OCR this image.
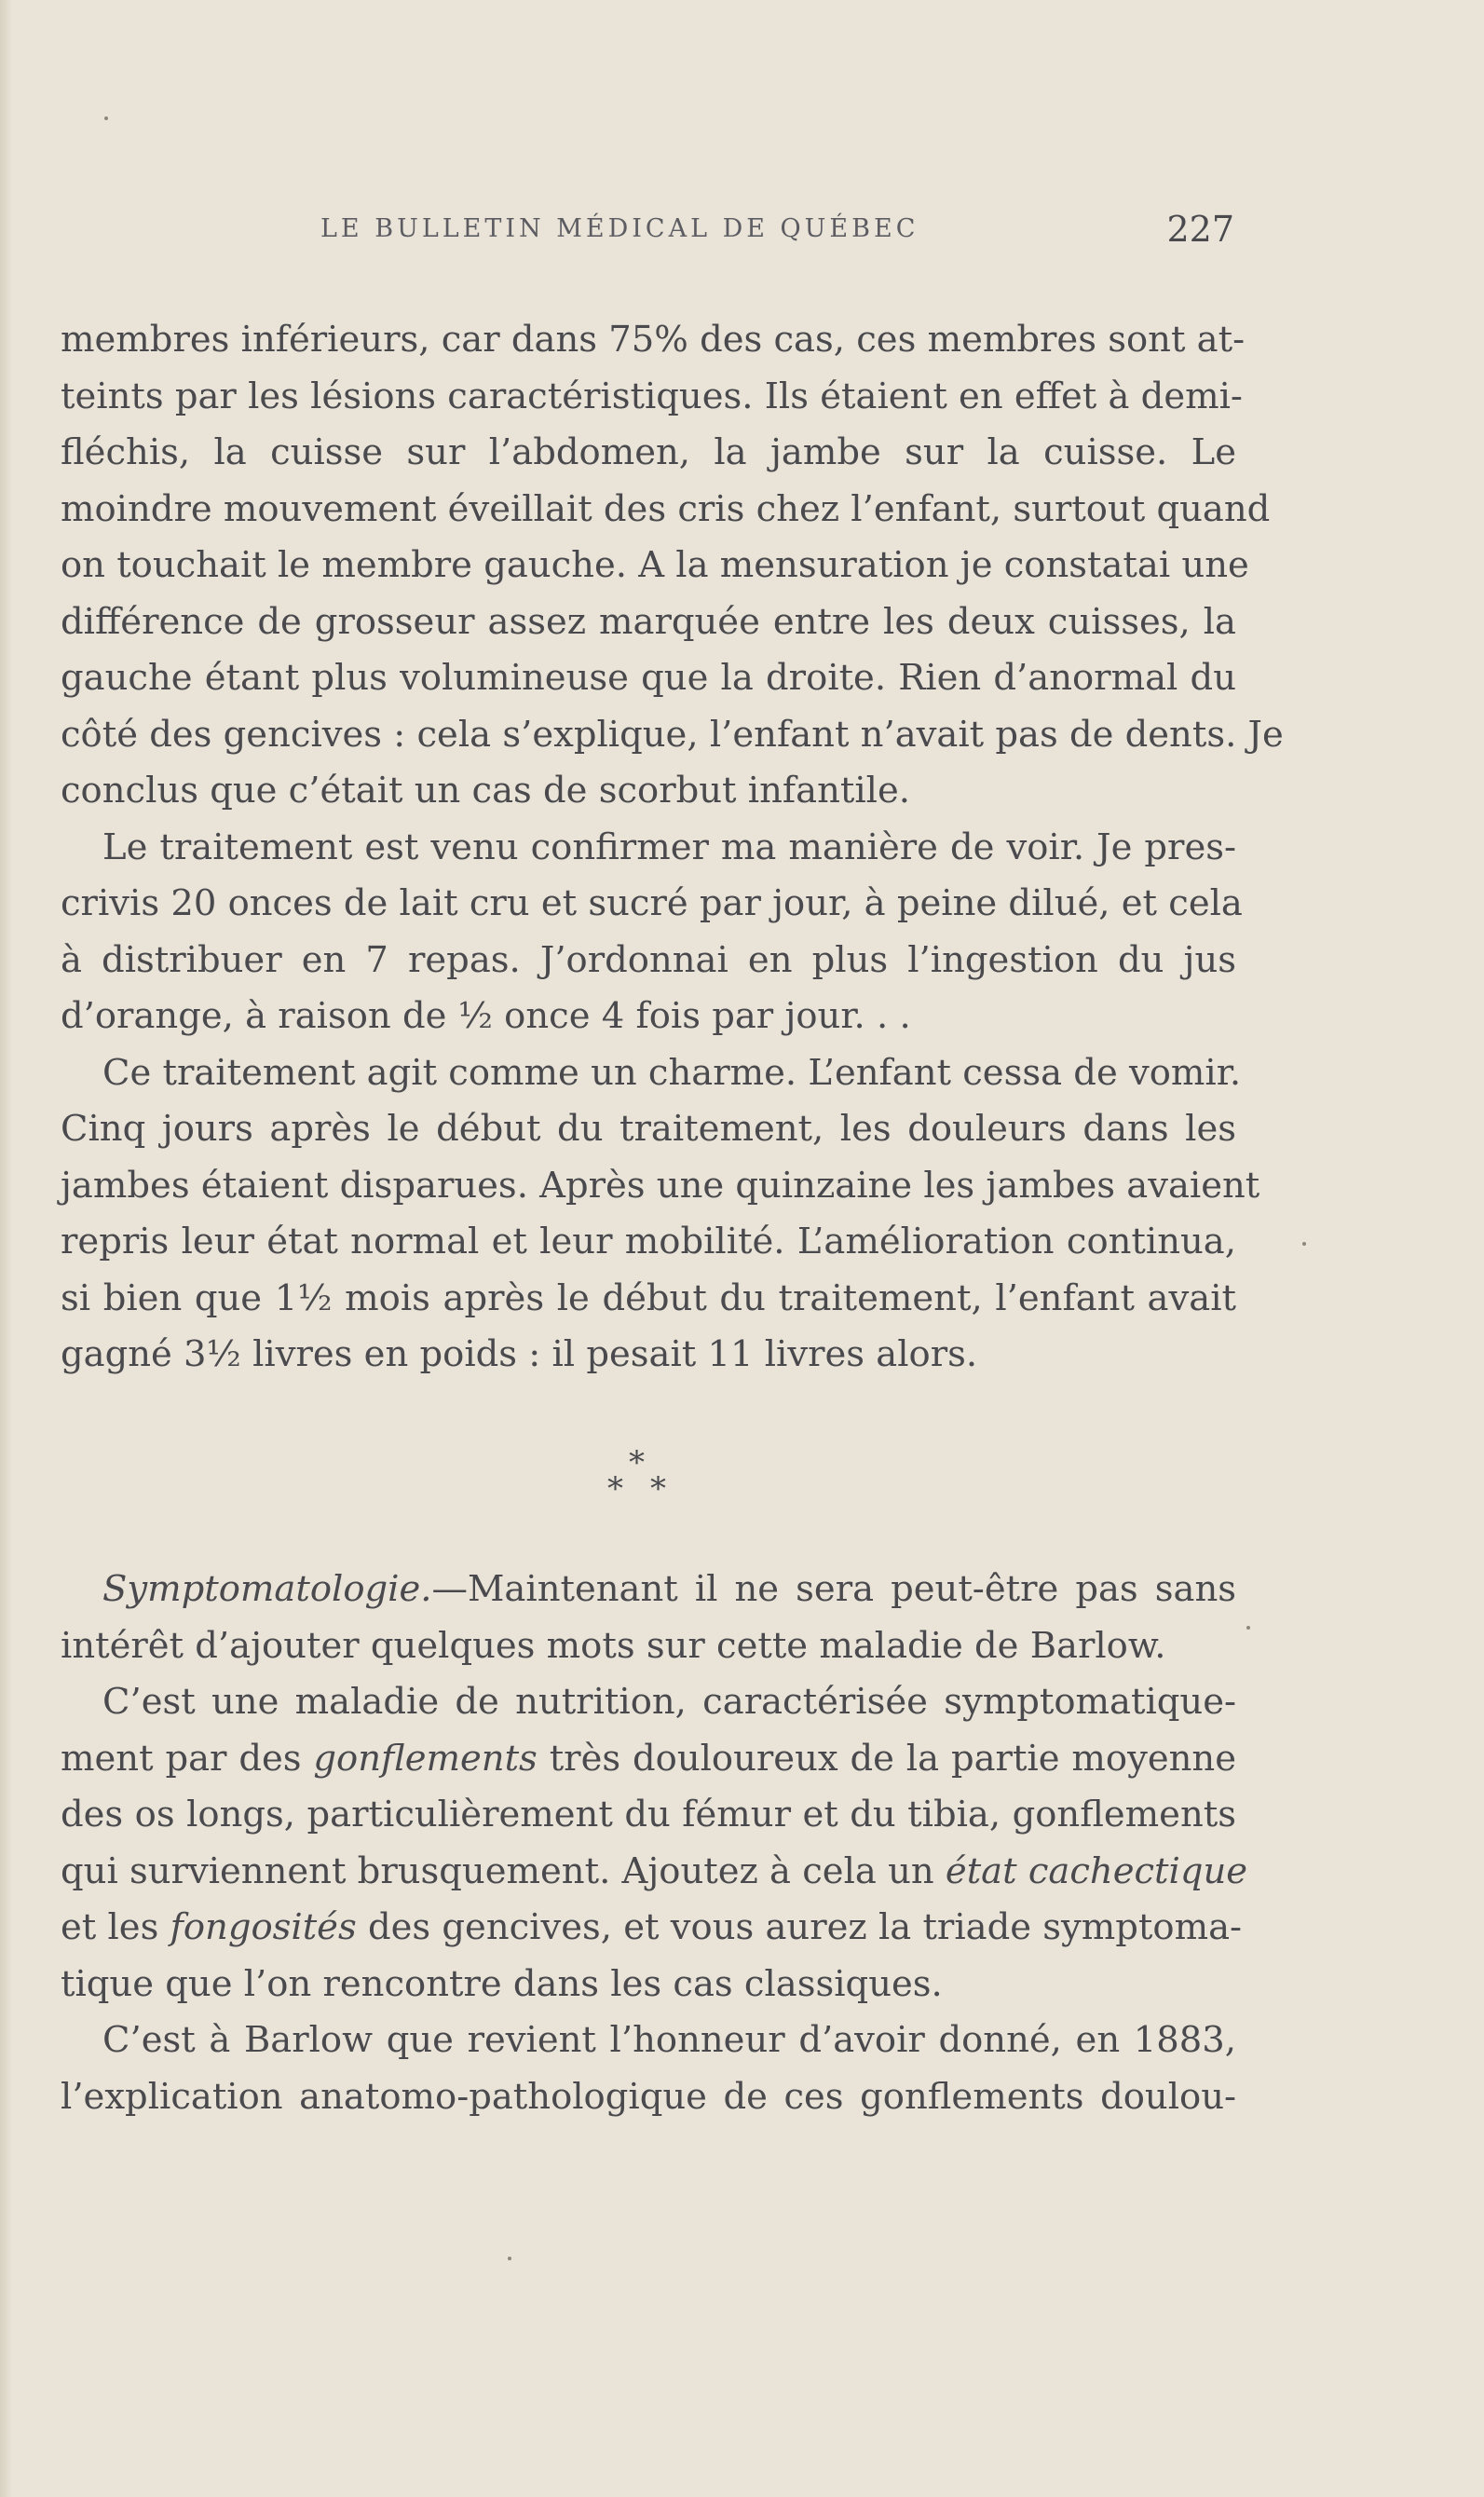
LE BULLETIN MÉDICAL DE QUÉBEC	227
membres inférieurs, car dans 75% des cas, ces membres sont at-
teints par les lésions caractéristiques. Ils étaient en effet à demi-
fléchis, la cuisse sur l’abdomen, la jambe sur la cuisse. Le
moindre mouvement éveillait des cris chez l’enfant, surtout quand
on touchait le membre gauche. A la mensuration je constatai une
différence de grosseur assez marquée entre les deux cuisses, la
gauche étant plus volumineuse que la droite. Rien d’anormal du
côté des gencives : cela s’explique, l’enfant n’avait pas de dents. Je
conclus que c’était un cas de scorbut infantile.
Le traitement est venu confirmer ma manière de voir. Je pres-
crivis 20 onces de lait cru et sucré par jour, à peine dilué, et cela
à distribuer en 7 repas. J’ordonnai en plus l’ingestion du jus
d’orange, à raison de ½ once 4 fois par jour. . .
Ce traitement agit comme un charme. L’enfant cessa de vomir.
Cinq jours après le début du traitement, les douleurs dans les
jambes étaient disparues. Après une quinzaine les jambes avaient
repris leur état normal et leur mobilité. L’amélioration continua,
si bien que 1½ mois après le début du traitement, l’enfant avait
gagné 3½ livres en poids : il pesait 11 livres alors.
*
* *
Symptomatologie.—Maintenant il ne sera peut-être pas sans
intérêt d’ajouter quelques mots sur cette maladie de Barlow.
C’est une maladie de nutrition, caractérisée symptomatique-
ment par des gonflements très douloureux de la partie moyenne
des os longs, particulièrement du fémur et du tibia, gonflements
qui surviennent brusquement. Ajoutez à cela un état cachectique
et les fongosités des gencives, et vous aurez la triade symptoma-
tique que l’on rencontre dans les cas classiques.
C’est à Barlow que revient l’honneur d’avoir donné, en 1883,
l’explication anatomo-pathologique de ces gonflements doulou-
